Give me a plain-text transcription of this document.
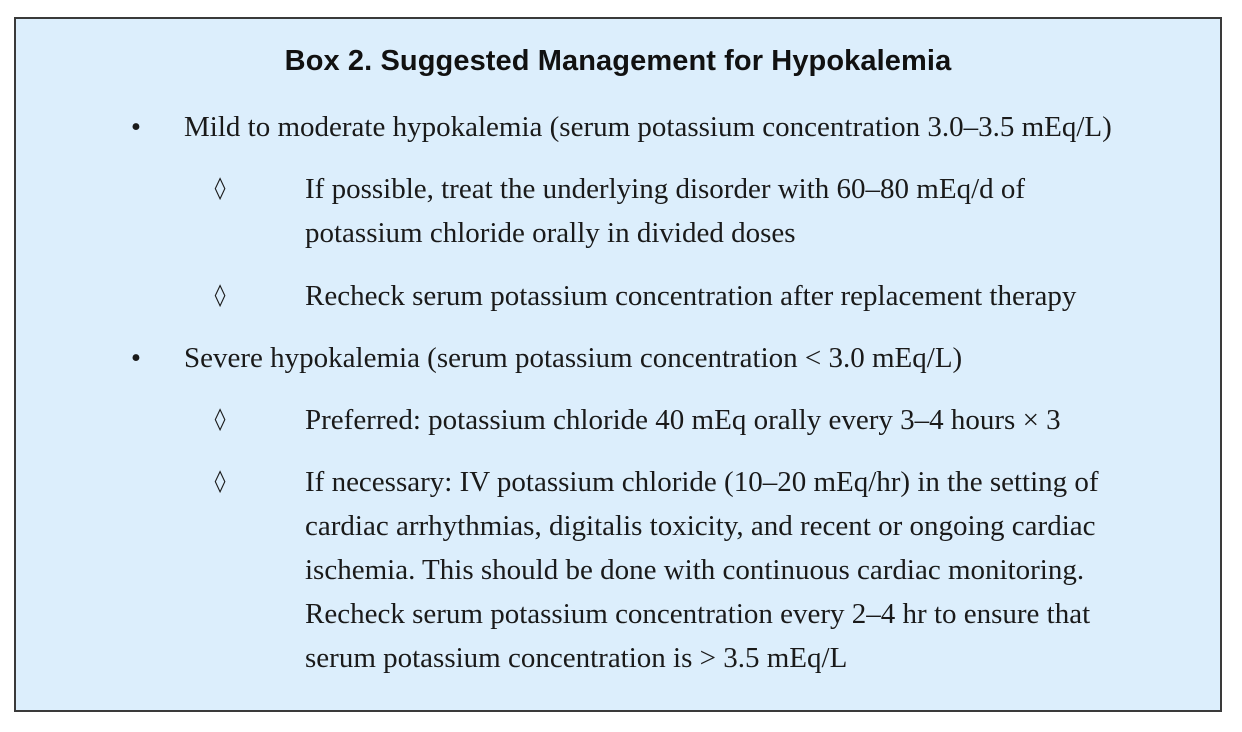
Box 2. Suggested Management for Hypokalemia
• Mild to moderate hypokalemia (serum potassium concentration 3.0–3.5 mEq/L)
◊	If possible, treat the underlying disorder with 60–80 mEq/d of
potassium chloride orally in divided doses
◊	Recheck serum potassium concentration after replacement therapy
• Severe hypokalemia (serum potassium concentration < 3.0 mEq/L)
◊	Preferred: potassium chloride 40 mEq orally every 3–4 hours × 3
◊	If necessary: IV potassium chloride (10–20 mEq/hr) in the setting of
cardiac arrhythmias, digitalis toxicity, and recent or ongoing cardiac
ischemia. This should be done with continuous cardiac monitoring.
Recheck serum potassium concentration every 2–4 hr to ensure that
serum potassium concentration is > 3.5 mEq/L
